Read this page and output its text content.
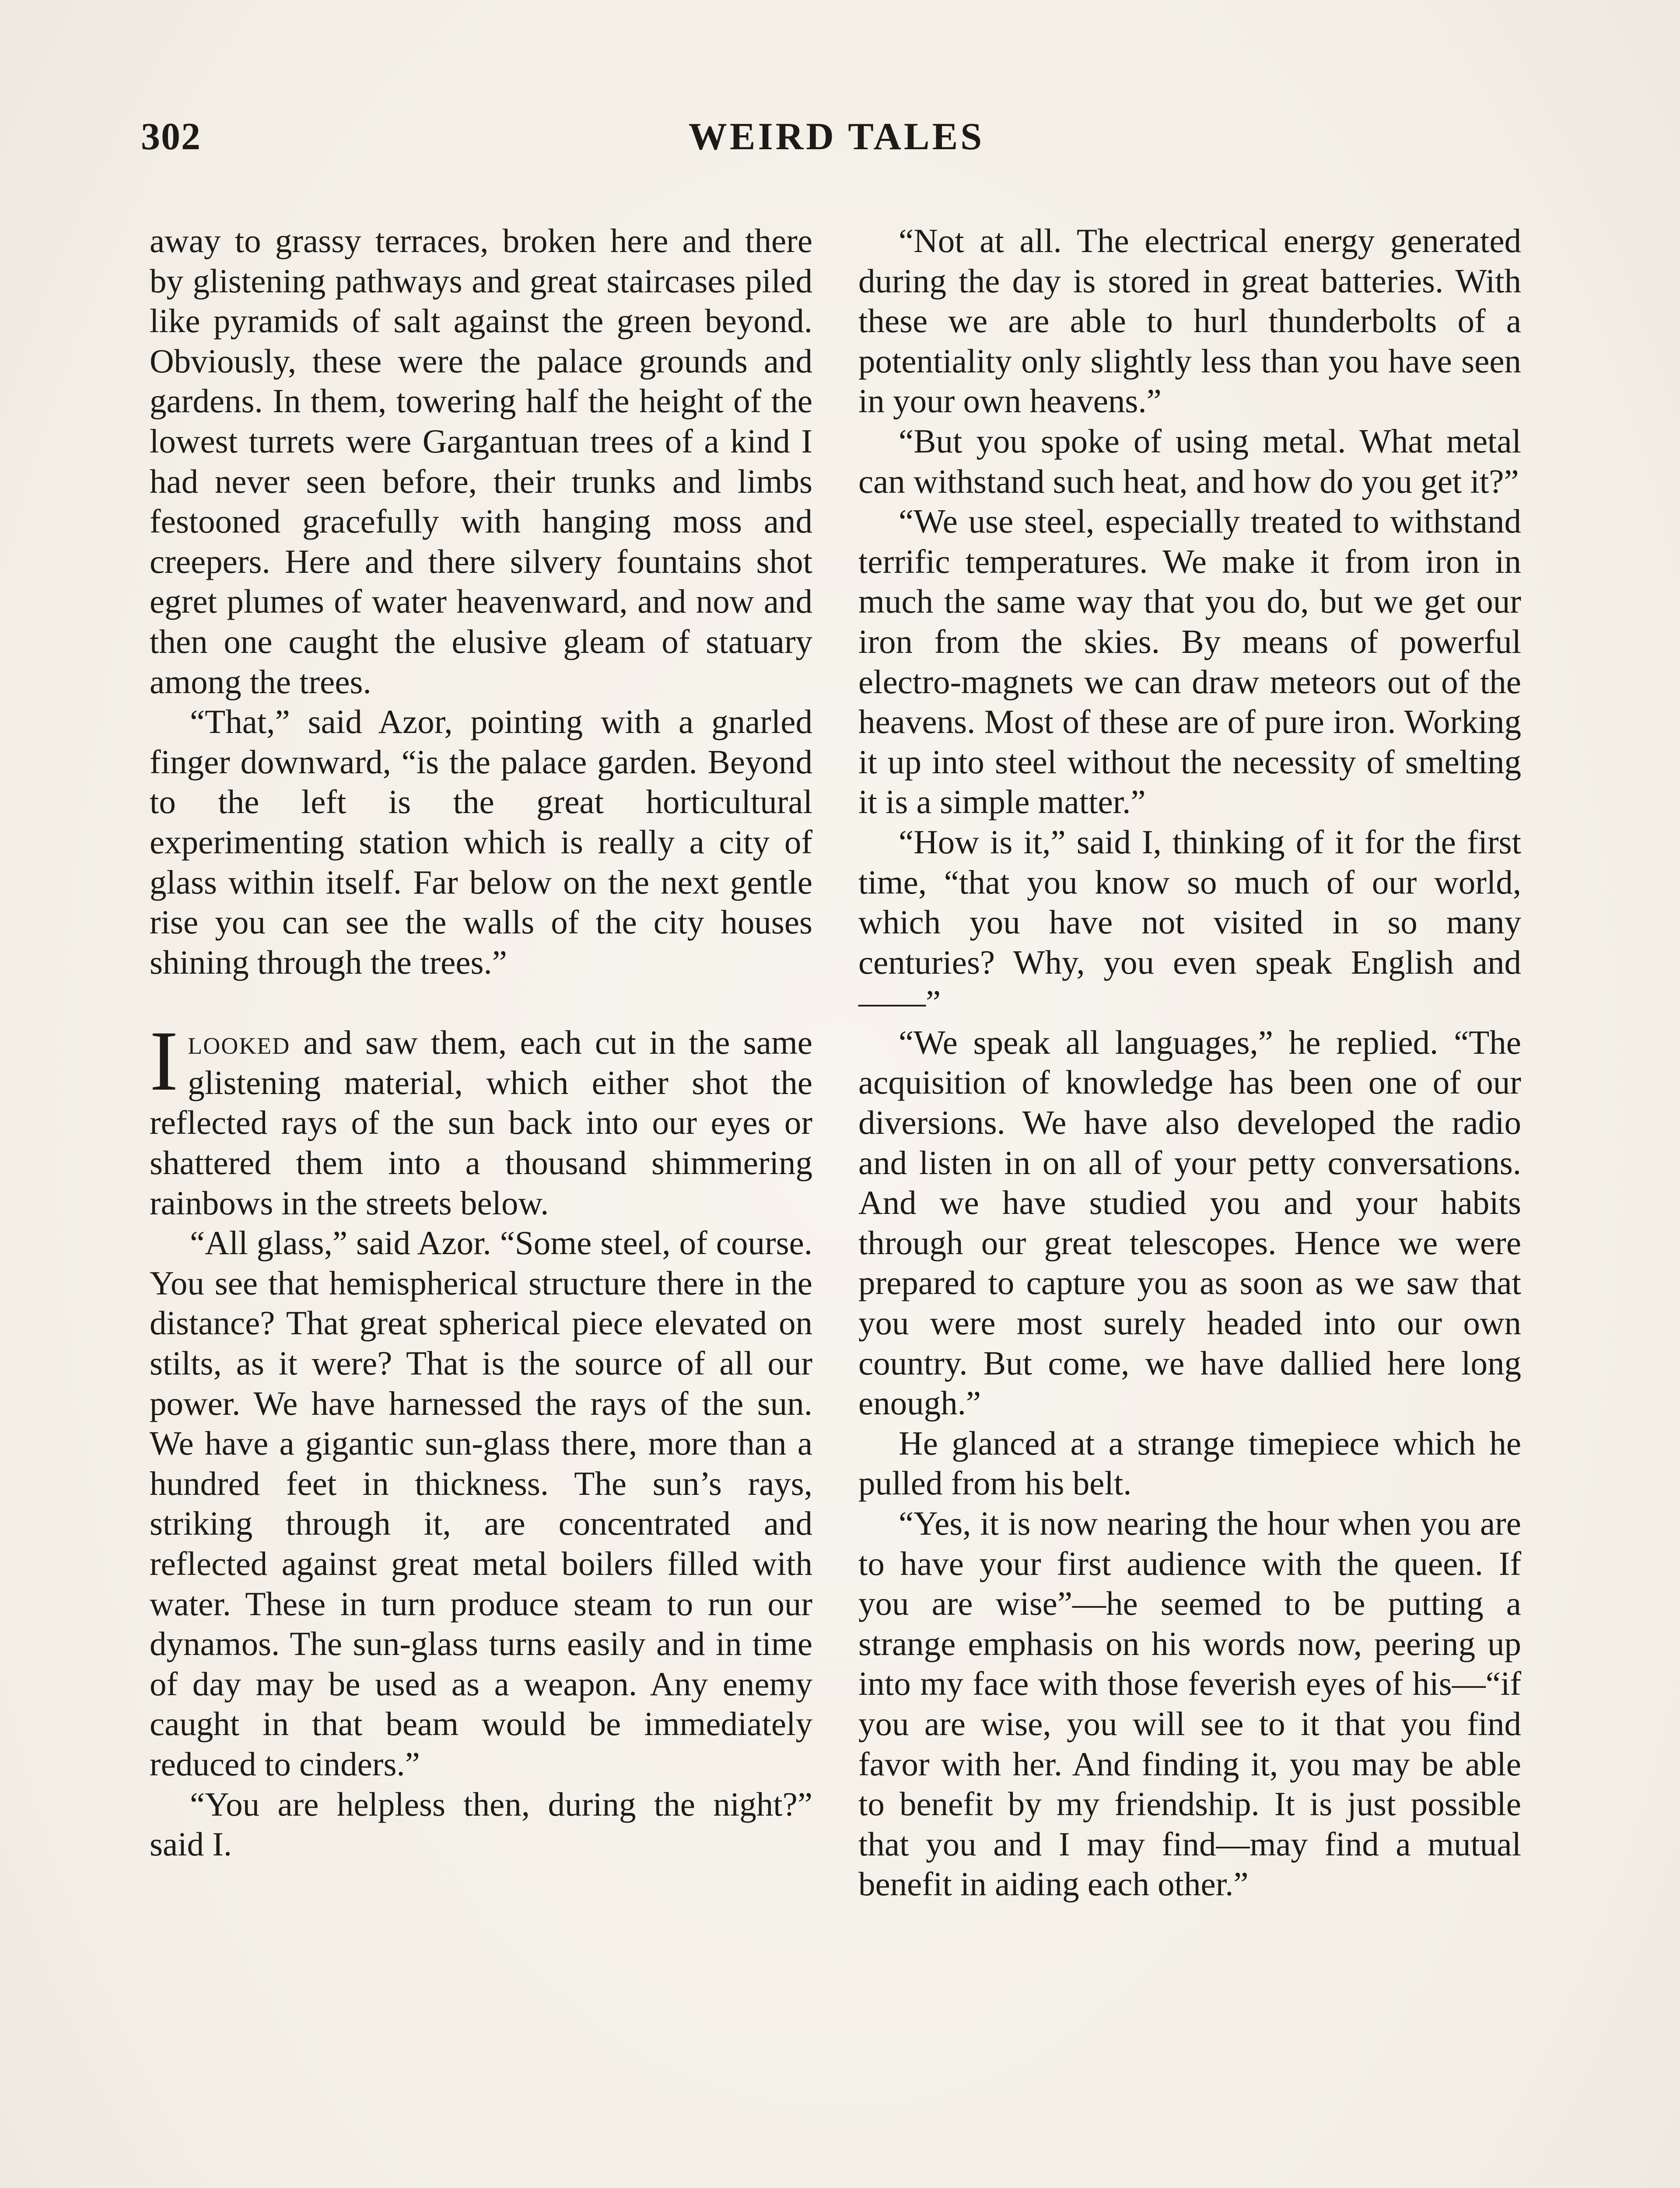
302	WEIRD TALES

away to grassy terraces, broken here and there by glistening pathways and great staircases piled like pyramids of salt against the green beyond. Obviously, these were the palace grounds and gardens. In them, towering half the height of the lowest turrets were Gargantuan trees of a kind I had never seen before, their trunks and limbs festooned gracefully with hanging moss and creepers. Here and there silvery fountains shot egret plumes of water heavenward, and now and then one caught the elusive gleam of statuary among the trees.

“That,” said Azor, pointing with a gnarled finger downward, “is the palace garden. Beyond to the left is the great horticultural experimenting station which is really a city of glass within itself. Far below on the next gentle rise you can see the walls of the city houses shining through the trees.”

Ilooked and saw them, each cut in the same glistening material, which either shot the reflected rays of the sun back into our eyes or shattered them into a thousand shimmering rainbows in the streets below.

“All glass,” said Azor. “Some steel, of course. You see that hemispherical structure there in the distance? That great spherical piece elevated on stilts, as it were? That is the source of all our power. We have harnessed the rays of the sun. We have a gigantic sun-glass there, more than a hundred feet in thickness. The sun’s rays, striking through it, are concentrated and reflected against great metal boilers filled with water. These in turn produce steam to run our dynamos. The sun-glass turns easily and in time of day may be used as a weapon. Any enemy caught in that beam would be immediately reduced to cinders.”

“You are helpless then, during the night?” said I.

“Not at all. The electrical energy generated during the day is stored in great batteries. With these we are able to hurl thunderbolts of a potentiality only slightly less than you have seen in your own heavens.”

“But you spoke of using metal. What metal can withstand such heat, and how do you get it?”

“We use steel, especially treated to withstand terrific temperatures. We make it from iron in much the same way that you do, but we get our iron from the skies. By means of powerful electro-magnets we can draw meteors out of the heavens. Most of these are of pure iron. Working it up into steel without the necessity of smelting it is a simple matter.”

“How is it,” said I, thinking of it for the first time, “that you know so much of our world, which you have not visited in so many centuries? Why, you even speak English and ——”

“We speak all languages,” he replied. “The acquisition of knowledge has been one of our diversions. We have also developed the radio and listen in on all of your petty conversations. And we have studied you and your habits through our great telescopes. Hence we were prepared to capture you as soon as we saw that you were most surely headed into our own country. But come, we have dallied here long enough.”

He glanced at a strange timepiece which he pulled from his belt.

“Yes, it is now nearing the hour when you are to have your first audience with the queen. If you are wise”—he seemed to be putting a strange emphasis on his words now, peering up into my face with those feverish eyes of his—“if you are wise, you will see to it that you find favor with her. And finding it, you may be able to benefit by my friendship. It is just possible that you and I may find—may find a mutual benefit in aiding each other.”
